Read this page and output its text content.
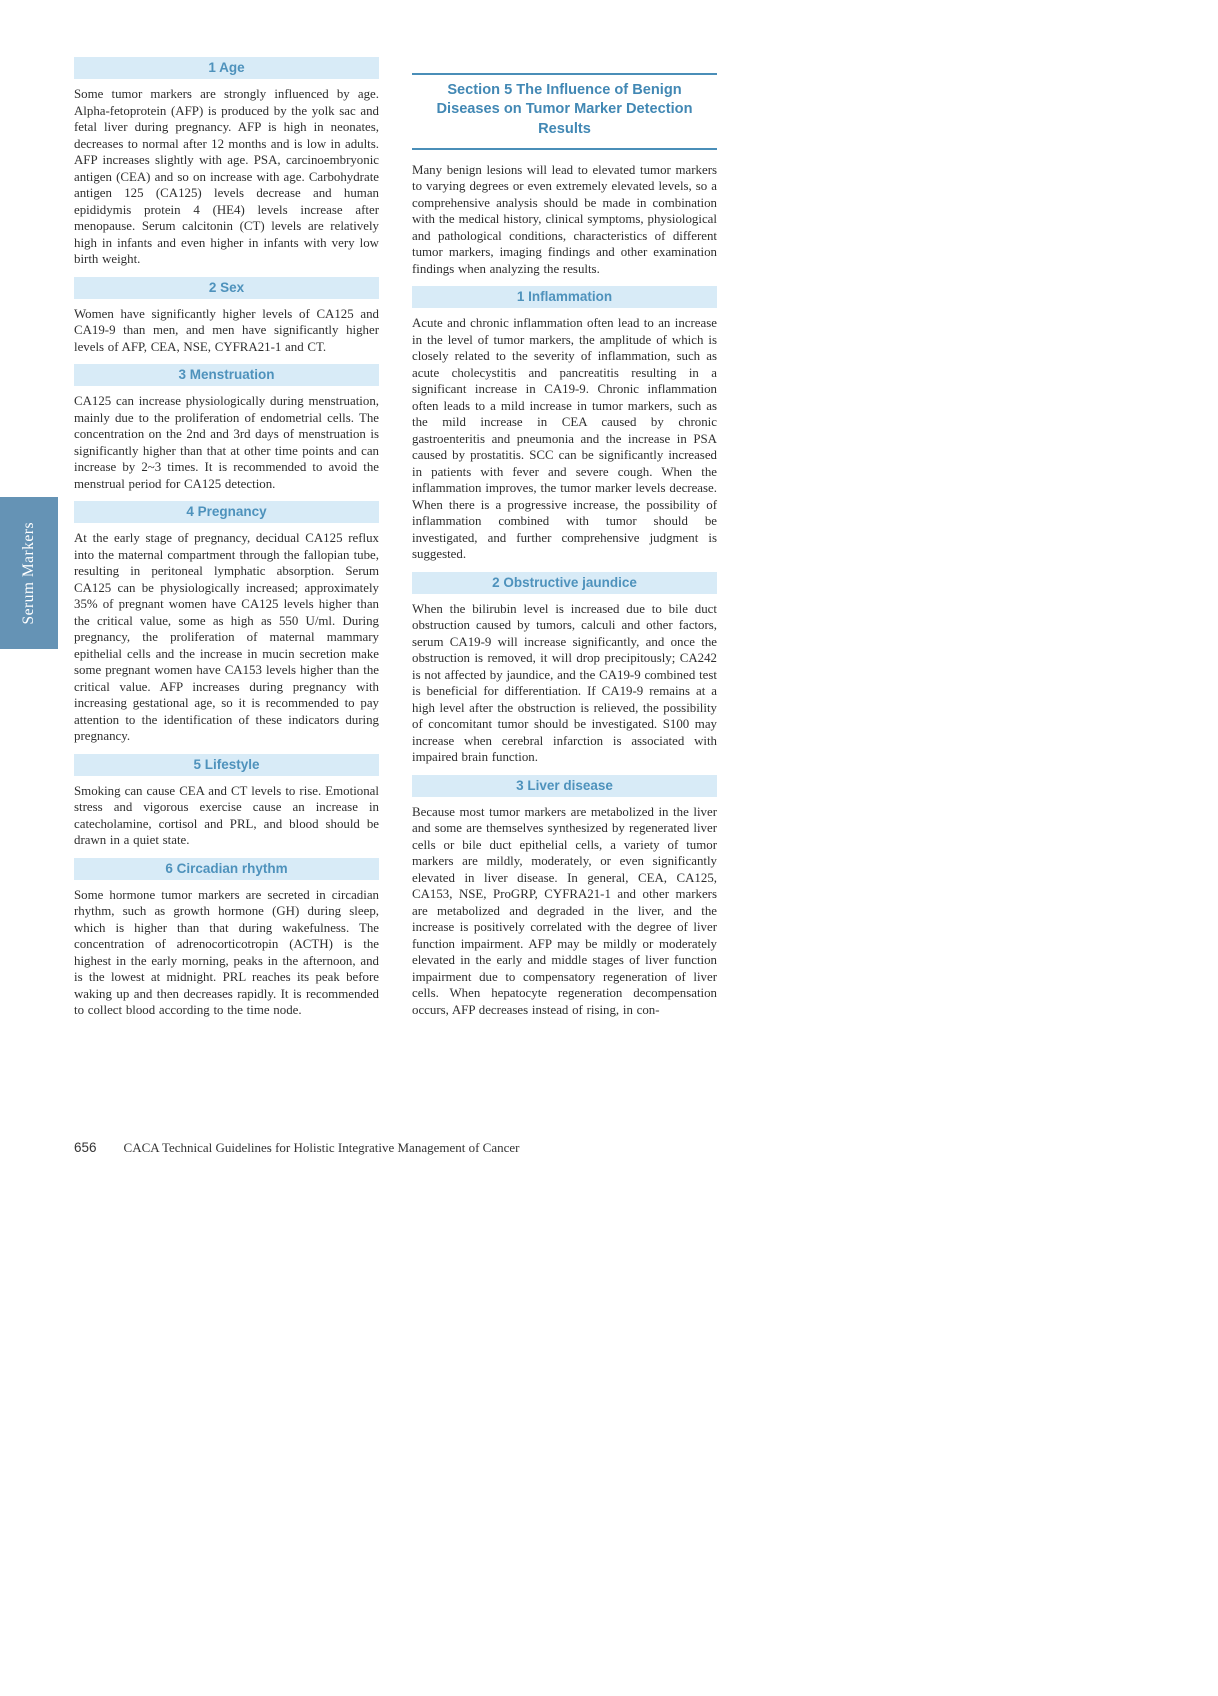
Serum Markers
1 Age

Some tumor markers are strongly influenced by age. Alpha-fetoprotein (AFP) is produced by the yolk sac and fetal liver during pregnancy. AFP is high in neonates, decreases to normal after 12 months and is low in adults. AFP increases slightly with age. PSA, carcinoembryonic antigen (CEA) and so on increase with age. Carbohydrate antigen 125 (CA125) levels decrease and human epididymis protein 4 (HE4) levels increase after menopause. Serum calcitonin (CT) levels are relatively high in infants and even higher in infants with very low birth weight.

2 Sex

Women have significantly higher levels of CA125 and CA19-9 than men, and men have significantly higher levels of AFP, CEA, NSE, CYFRA21-1 and CT.

3 Menstruation

CA125 can increase physiologically during menstruation, mainly due to the proliferation of endometrial cells. The concentration on the 2nd and 3rd days of menstruation is significantly higher than that at other time points and can increase by 2~3 times. It is recommended to avoid the menstrual period for CA125 detection.

4 Pregnancy

At the early stage of pregnancy, decidual CA125 reflux into the maternal compartment through the fallopian tube, resulting in peritoneal lymphatic absorption. Serum CA125 can be physiologically increased; approximately 35% of pregnant women have CA125 levels higher than the critical value, some as high as 550 U/ml. During pregnancy, the proliferation of maternal mammary epithelial cells and the increase in mucin secretion make some pregnant women have CA153 levels higher than the critical value. AFP increases during pregnancy with increasing gestational age, so it is recommended to pay attention to the identification of these indicators during pregnancy.

5 Lifestyle

Smoking can cause CEA and CT levels to rise. Emotional stress and vigorous exercise cause an increase in catecholamine, cortisol and PRL, and blood should be drawn in a quiet state.

6 Circadian rhythm

Some hormone tumor markers are secreted in circadian rhythm, such as growth hormone (GH) during sleep, which is higher than that during wakefulness. The concentration of adrenocorticotropin (ACTH) is the highest in the early morning, peaks in the afternoon, and is the lowest at midnight. PRL reaches its peak before waking up and then decreases rapidly. It is recommended to collect blood according to the time node.

Section 5 The Influence of Benign Diseases on Tumor Marker Detection Results

Many benign lesions will lead to elevated tumor markers to varying degrees or even extremely elevated levels, so a comprehensive analysis should be made in combination with the medical history, clinical symptoms, physiological and pathological conditions, characteristics of different tumor markers, imaging findings and other examination findings when analyzing the results.

1 Inflammation

Acute and chronic inflammation often lead to an increase in the level of tumor markers, the amplitude of which is closely related to the severity of inflammation, such as acute cholecystitis and pancreatitis resulting in a significant increase in CA19-9. Chronic inflammation often leads to a mild increase in tumor markers, such as the mild increase in CEA caused by chronic gastroenteritis and pneumonia and the increase in PSA caused by prostatitis. SCC can be significantly increased in patients with fever and severe cough. When the inflammation improves, the tumor marker levels decrease. When there is a progressive increase, the possibility of inflammation combined with tumor should be investigated, and further comprehensive judgment is suggested.

2 Obstructive jaundice

When the bilirubin level is increased due to bile duct obstruction caused by tumors, calculi and other factors, serum CA19-9 will increase significantly, and once the obstruction is removed, it will drop precipitously; CA242 is not affected by jaundice, and the CA19-9 combined test is beneficial for differentiation. If CA19-9 remains at a high level after the obstruction is relieved, the possibility of concomitant tumor should be investigated. S100 may increase when cerebral infarction is associated with impaired brain function.

3 Liver disease

Because most tumor markers are metabolized in the liver and some are themselves synthesized by regenerated liver cells or bile duct epithelial cells, a variety of tumor markers are mildly, moderately, or even significantly elevated in liver disease. In general, CEA, CA125, CA153, NSE, ProGRP, CYFRA21-1 and other markers are metabolized and degraded in the liver, and the increase is positively correlated with the degree of liver function impairment. AFP may be mildly or moderately elevated in the early and middle stages of liver function impairment due to compensatory regeneration of liver cells. When hepatocyte regeneration decompensation occurs, AFP decreases instead of rising, in con-

656 CACA Technical Guidelines for Holistic Integrative Management of Cancer
